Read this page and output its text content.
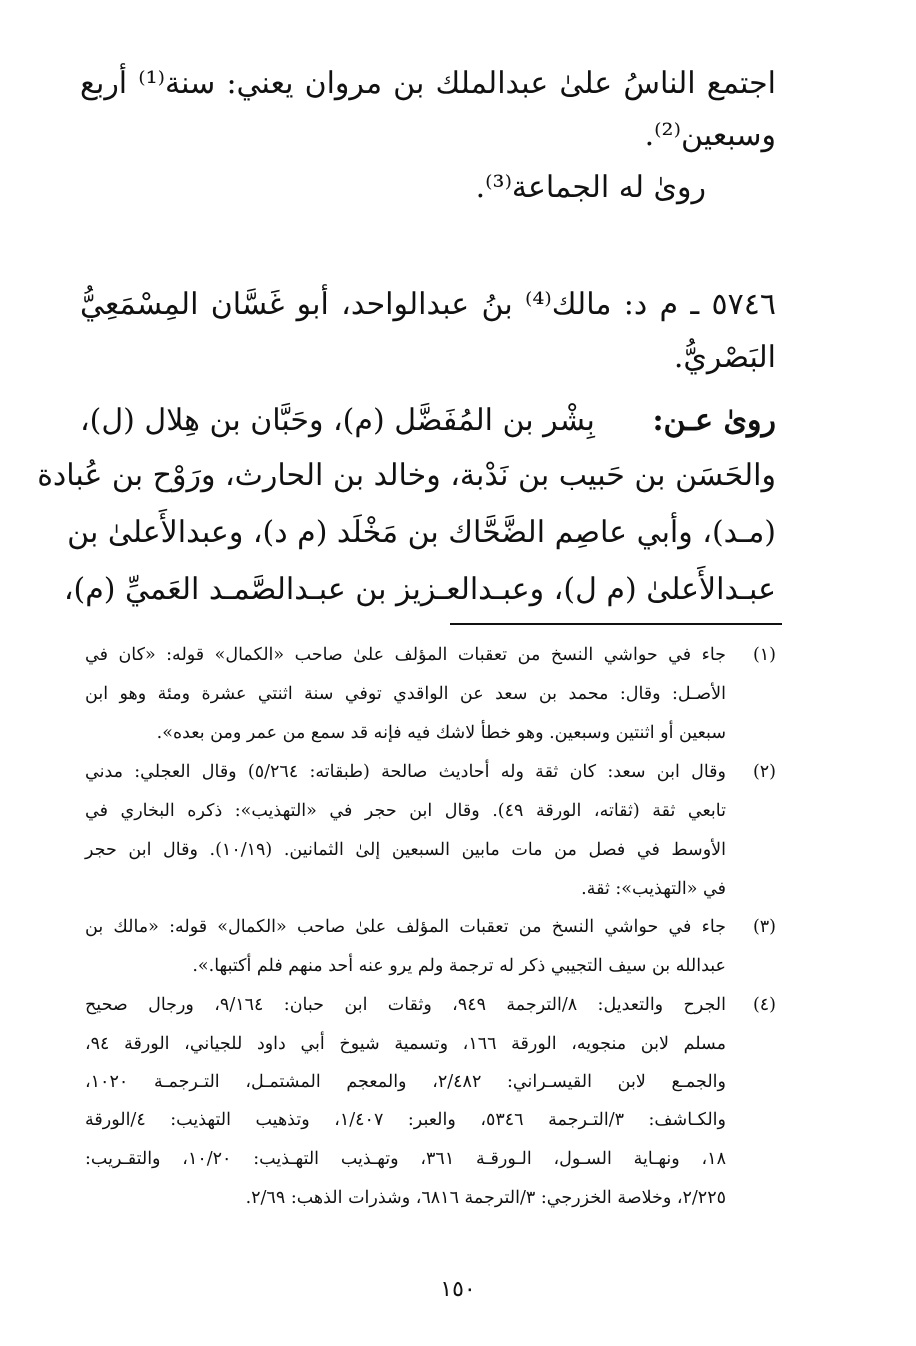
اجتمع الناسُ علىٰ عبدالملك بن مروان يعني: سنة⁽¹⁾ أربع
وسبعين⁽²⁾.
روىٰ له الجماعة⁽³⁾.
٥٧٤٦ ـ م د: مالك⁽⁴⁾ بنُ عبدالواحد، أبو غَسَّان المِسْمَعِيُّ
البَصْريُّ.
روىٰ عـن:
بِشْر بن المُفَضَّل (م)، وحَبَّان بن هِلال (ل)،
والحَسَن بن حَبيب بن نَدْبة، وخالد بن الحارث، ورَوْح بن عُبادة
(مـد)، وأبي عاصِم الضَّحَّاك بن مَخْلَد (م د)، وعبدالأَعلىٰ بن
عبـدالأَعلىٰ (م ل)، وعبـدالعـزيز بن عبـدالصَّمـد العَميِّ (م)،
(١)
جاء في حواشي النسخ من تعقبات المؤلف علىٰ صاحب «الكمال» قوله: «كان في
الأصـل: وقال: محمد بن سعد عن الواقدي توفي سنة اثنتي عشرة ومئة وهو ابن
سبعين أو اثنتين وسبعين. وهو خطأ لاشك فيه فإنه قد سمع من عمر ومن بعده».
(٢)
وقال ابن سعد: كان ثقة وله أحاديث صالحة (طبقاته: ٥/٢٦٤) وقال العجلي: مدني
تابعي ثقة (ثقاته، الورقة ٤٩). وقال ابن حجر في «التهذيب»: ذكره البخاري في
الأوسط في فصل من مات مابين السبعين إلىٰ الثمانين. (١٠/١٩). وقال ابن حجر
في «التهذيب»: ثقة.
(٣)
جاء في حواشي النسخ من تعقبات المؤلف علىٰ صاحب «الكمال» قوله: «مالك بن
عبدالله بن سيف التجيبي ذكر له ترجمة ولم يرو عنه أحد منهم فلم أكتبها.».
(٤)
الجرح والتعديل: ٨/الترجمة ٩٤٩، وثقات ابن حبان: ٩/١٦٤، ورجال صحيح
مسلم لابن منجويه، الورقة ١٦٦، وتسمية شيوخ أبي داود للجياني، الورقة ٩٤،
والجمـع لابن القيسـراني: ٢/٤٨٢، والمعجم المشتمـل، التـرجمـة ١٠٢٠،
والكـاشف: ٣/التـرجمة ٥٣٤٦، والعبر: ١/٤٠٧، وتذهيب التهذيب: ٤/الورقة
١٨، ونهـاية السـول، الـورقـة ٣٦١، وتهـذيب التهـذيب: ١٠/٢٠، والتقـريب:
٢/٢٢٥، وخلاصة الخزرجي: ٣/الترجمة ٦٨١٦، وشذرات الذهب: ٢/٦٩.
١٥٠
